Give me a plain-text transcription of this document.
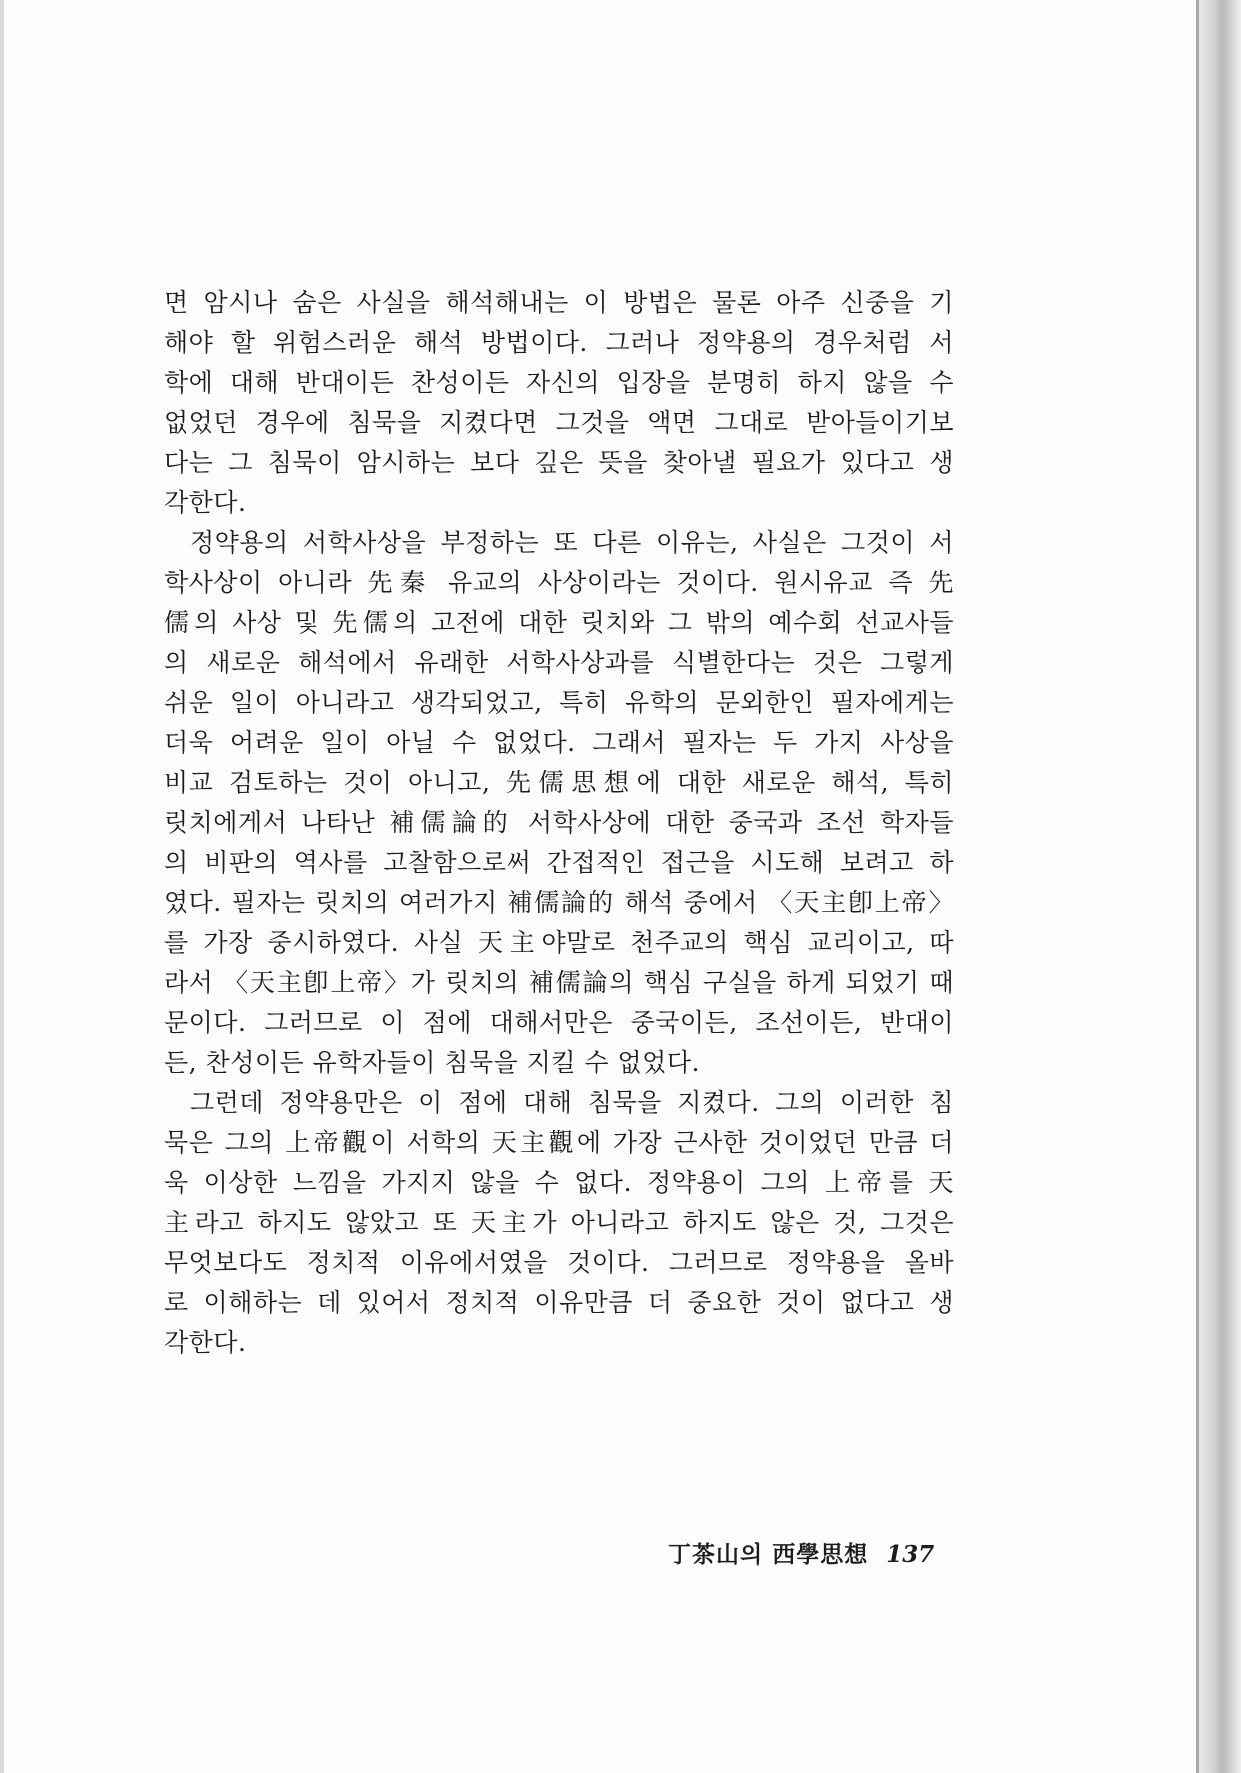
면 암시나 숨은 사실을 해석해내는 이 방법은 물론 아주 신중을 기
해야 할 위험스러운 해석 방법이다. 그러나 정약용의 경우처럼 서
학에 대해 반대이든 찬성이든 자신의 입장을 분명히 하지 않을 수
없었던 경우에 침묵을 지켰다면 그것을 액면 그대로 받아들이기보
다는 그 침묵이 암시하는 보다 깊은 뜻을 찾아낼 필요가 있다고 생
각한다.
정약용의 서학사상을 부정하는 또 다른 이유는, 사실은 그것이 서
학사상이 아니라 先秦 유교의 사상이라는 것이다. 원시유교 즉 先
儒의 사상 및 先儒의 고전에 대한 릿치와 그 밖의 예수회 선교사들
의 새로운 해석에서 유래한 서학사상과를 식별한다는 것은 그렇게
쉬운 일이 아니라고 생각되었고, 특히 유학의 문외한인 필자에게는
더욱 어려운 일이 아닐 수 없었다. 그래서 필자는 두 가지 사상을
비교 검토하는 것이 아니고, 先儒思想에 대한 새로운 해석, 특히
릿치에게서 나타난 補儒論的 서학사상에 대한 중국과 조선 학자들
의 비판의 역사를 고찰함으로써 간접적인 접근을 시도해 보려고 하
였다. 필자는 릿치의 여러가지 補儒論的 해석 중에서 〈天主卽上帝〉
를 가장 중시하였다. 사실 天主야말로 천주교의 핵심 교리이고, 따
라서 〈天主卽上帝〉가 릿치의 補儒論의 핵심 구실을 하게 되었기 때
문이다. 그러므로 이 점에 대해서만은 중국이든, 조선이든, 반대이
든, 찬성이든 유학자들이 침묵을 지킬 수 없었다.
그런데 정약용만은 이 점에 대해 침묵을 지켰다. 그의 이러한 침
묵은 그의 上帝觀이 서학의 天主觀에 가장 근사한 것이었던 만큼 더
욱 이상한 느낌을 가지지 않을 수 없다. 정약용이 그의 上帝를 天
主라고 하지도 않았고 또 天主가 아니라고 하지도 않은 것, 그것은
무엇보다도 정치적 이유에서였을 것이다. 그러므로 정약용을 올바
로 이해하는 데 있어서 정치적 이유만큼 더 중요한 것이 없다고 생
각한다.
丁茶山의 西學思想 137
